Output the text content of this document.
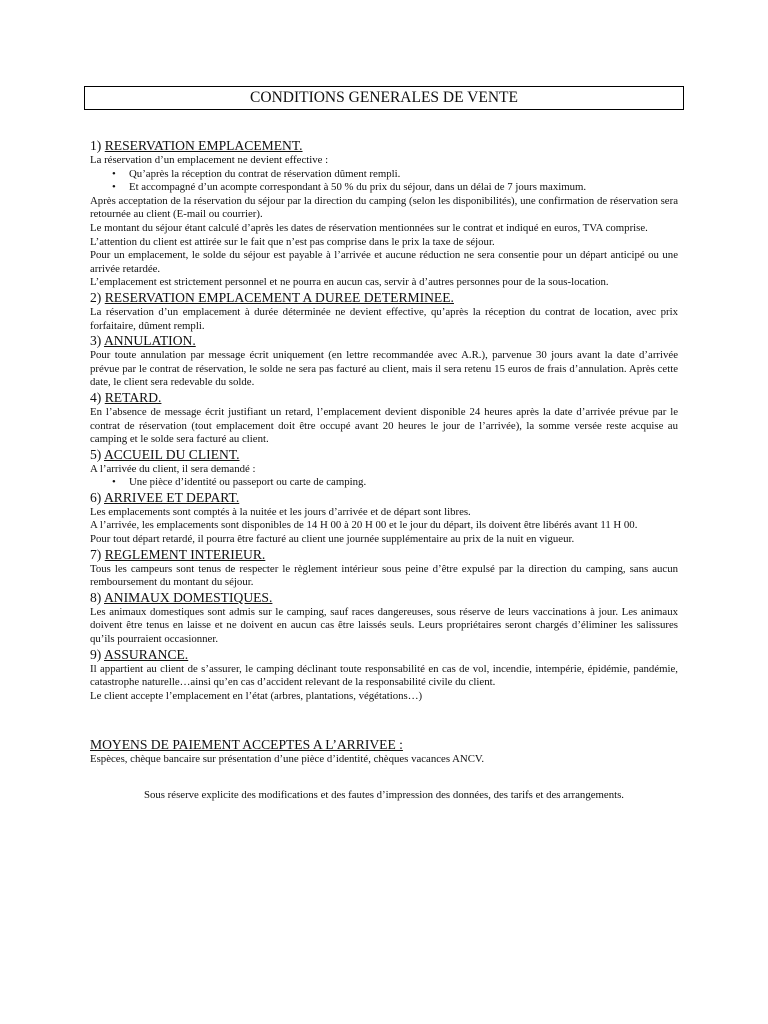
CONDITIONS GENERALES DE VENTE

1) RESERVATION EMPLACEMENT.

La réservation d’un emplacement ne devient effective :

• Qu’après la réception du contrat de réservation dûment rempli.
• Et accompagné d’un acompte correspondant à 50 % du prix du séjour, dans un délai de 7 jours maximum.

Après acceptation de la réservation du séjour par la direction du camping (selon les disponibilités), une confirmation de réservation sera retournée au client (E-mail ou courrier).

Le montant du séjour étant calculé d’après les dates de réservation mentionnées sur le contrat et indiqué en euros, TVA comprise.

L’attention du client est attirée sur le fait que n’est pas comprise dans le prix la taxe de séjour.

Pour un emplacement, le solde du séjour est payable à l’arrivée et aucune réduction ne sera consentie pour un départ anticipé ou une arrivée retardée.

L’emplacement est strictement personnel et ne pourra en aucun cas, servir à d’autres personnes pour de la sous-location.

2) RESERVATION EMPLACEMENT A DUREE DETERMINEE.

La réservation d’un emplacement à durée déterminée ne devient effective, qu’après la réception du contrat de location, avec prix forfaitaire, dûment rempli.

3) ANNULATION.

Pour toute annulation par message écrit uniquement (en lettre recommandée avec A.R.), parvenue 30 jours avant la date d’arrivée prévue par le contrat de réservation, le solde ne sera pas facturé au client, mais il sera retenu 15 euros de frais d’annulation. Après cette date, le client sera redevable du solde.

4) RETARD.

En l’absence de message écrit justifiant un retard, l’emplacement devient disponible 24 heures après la date d’arrivée prévue par le contrat de réservation (tout emplacement doit être occupé avant 20 heures le jour de l’arrivée), la somme versée reste acquise au camping et le solde sera facturé au client.

5) ACCUEIL DU CLIENT.

A l’arrivée du client, il sera demandé :

• Une pièce d’identité ou passeport ou carte de camping.

6) ARRIVEE ET DEPART.

Les emplacements sont comptés à la nuitée et les jours d’arrivée et de départ sont libres.

A l’arrivée, les emplacements sont disponibles de 14 H 00 à 20 H 00 et le jour du départ, ils doivent être libérés avant 11 H 00.

Pour tout départ retardé, il pourra être facturé au client une journée supplémentaire au prix de la nuit en vigueur.

7) REGLEMENT INTERIEUR.

Tous les campeurs sont tenus de respecter le règlement intérieur sous peine d’être expulsé par la direction du camping, sans aucun remboursement du montant du séjour.

8) ANIMAUX DOMESTIQUES.

Les animaux domestiques sont admis sur le camping, sauf races dangereuses, sous réserve de leurs vaccinations à jour. Les animaux doivent être tenus en laisse et ne doivent en aucun cas être laissés seuls. Leurs propriétaires seront chargés d’éliminer les salissures qu’ils pourraient occasionner.

9) ASSURANCE.

Il appartient au client de s’assurer, le camping déclinant toute responsabilité en cas de vol, incendie, intempérie, épidémie, pandémie, catastrophe naturelle…ainsi qu’en cas d’accident relevant de la responsabilité civile du client.

Le client accepte l’emplacement en l’état (arbres, plantations, végétations…)

MOYENS DE PAIEMENT ACCEPTES A L’ARRIVEE :

Espèces, chèque bancaire sur présentation d’une pièce d’identité, chèques vacances ANCV.

Sous réserve explicite des modifications et des fautes d’impression des données, des tarifs et des arrangements.
